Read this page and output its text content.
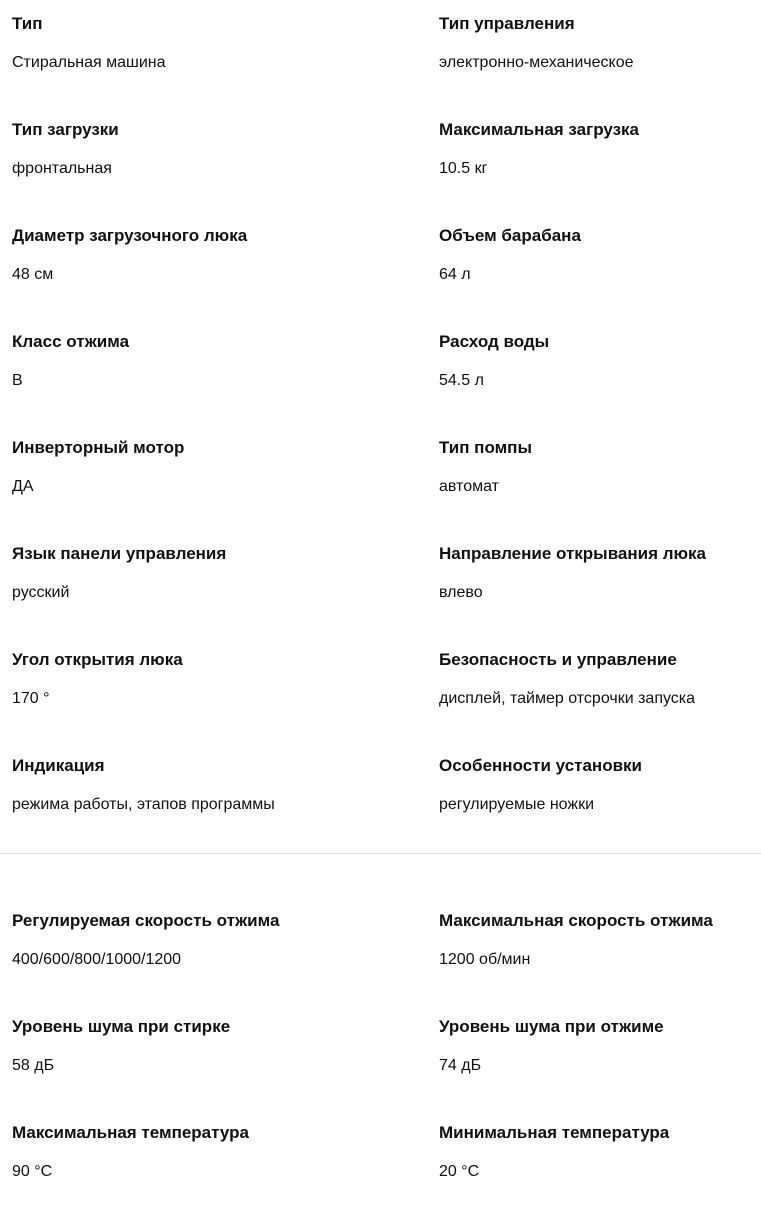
Тип
Стиральная машина
Тип управления
электронно-механическое
Тип загрузки
фронтальная
Максимальная загрузка
10.5 кг
Диаметр загрузочного люка
48 см
Объем барабана
64 л
Класс отжима
В
Расход воды
54.5 л
Инверторный мотор
ДА
Тип помпы
автомат
Язык панели управления
русский
Направление открывания люка
влево
Угол открытия люка
170 °
Безопасность и управление
дисплей, таймер отсрочки запуска
Индикация
режима работы, этапов программы
Особенности установки
регулируемые ножки
Регулируемая скорость отжима
400/600/800/1000/1200
Максимальная скорость отжима
1200 об/мин
Уровень шума при стирке
58 дБ
Уровень шума при отжиме
74 дБ
Максимальная температура
90 °C
Минимальная температура
20 °C
